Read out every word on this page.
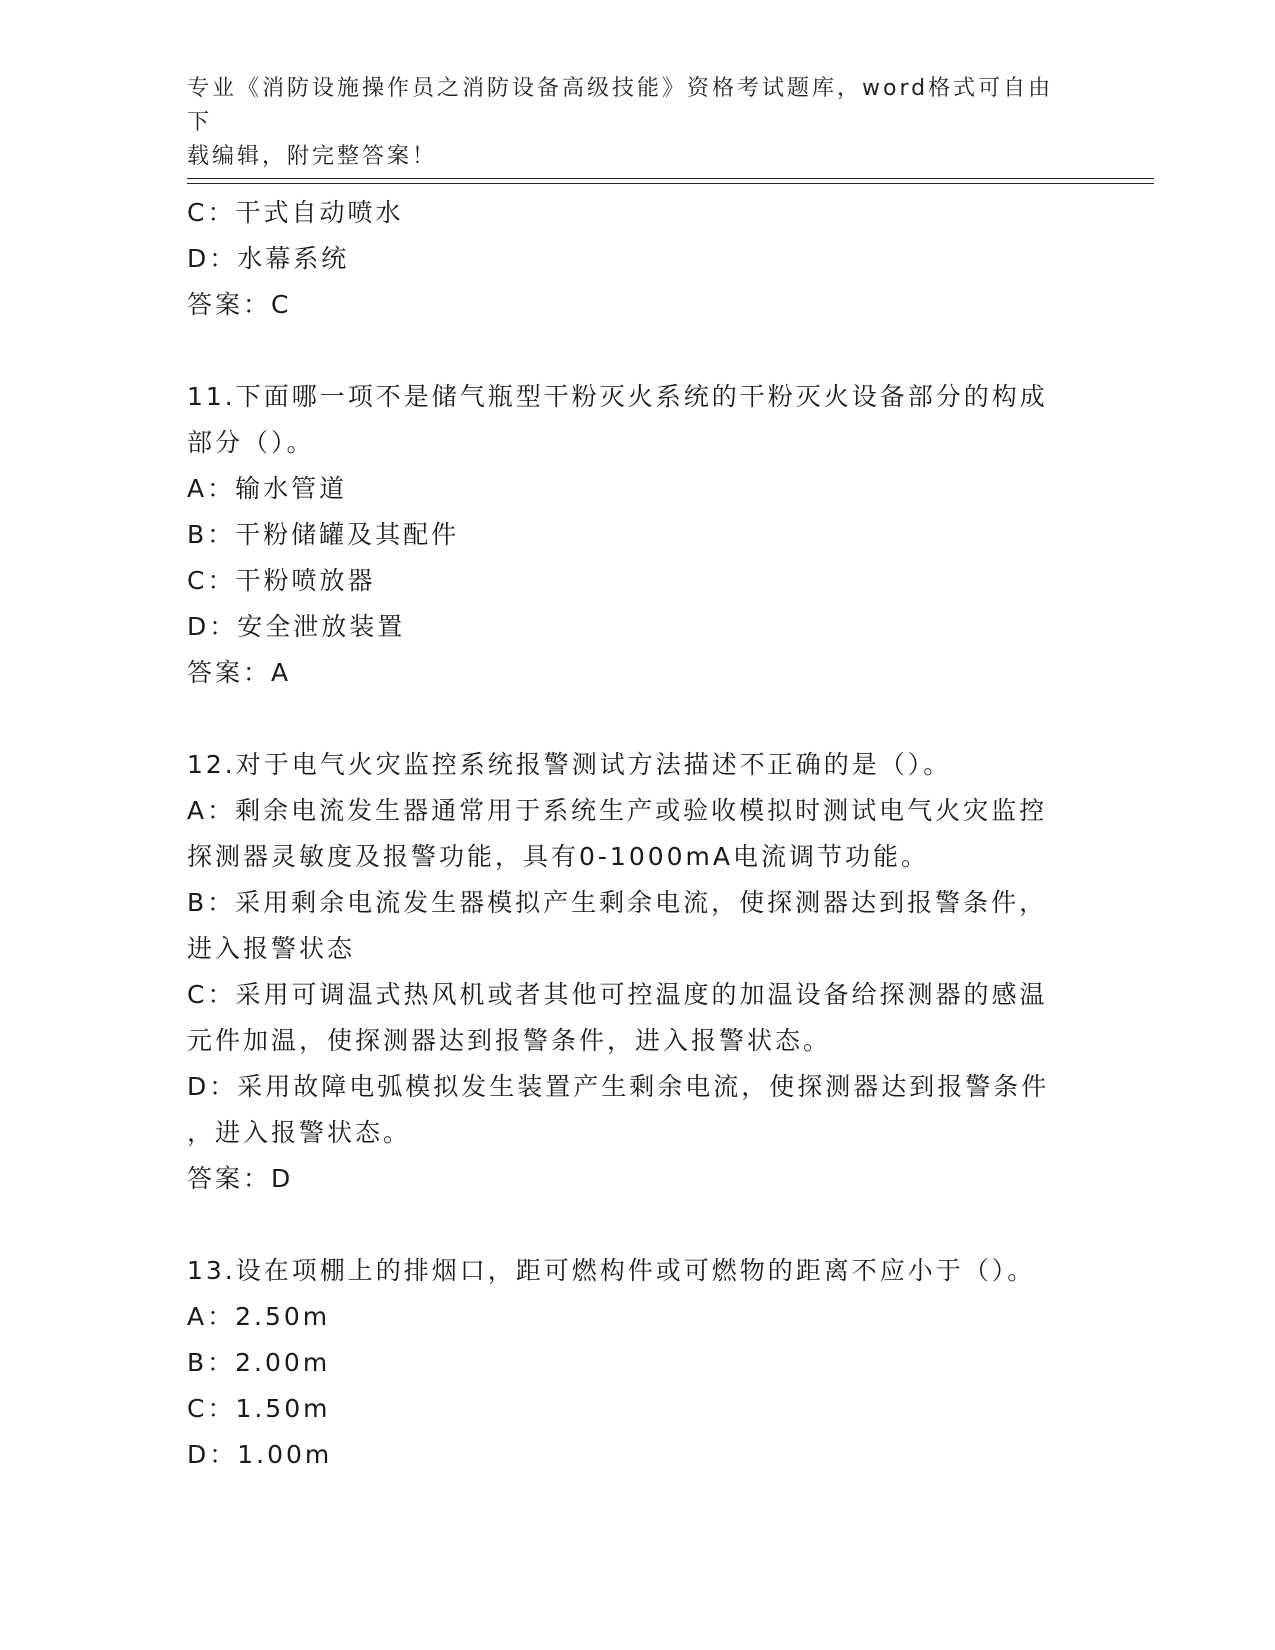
专业《消防设施操作员之消防设备高级技能》资格考试题库，word格式可自由下
载编辑，附完整答案！
C：干式自动喷水
D：水幕系统
答案：C
11.下面哪一项不是储气瓶型干粉灭火系统的干粉灭火设备部分的构成
部分（）。
A：输水管道
B：干粉储罐及其配件
C：干粉喷放器
D：安全泄放装置
答案：A
12.对于电气火灾监控系统报警测试方法描述不正确的是（）。
A：剩余电流发生器通常用于系统生产或验收模拟时测试电气火灾监控
探测器灵敏度及报警功能，具有0-1000mA电流调节功能。
B：采用剩余电流发生器模拟产生剩余电流，使探测器达到报警条件，
进入报警状态
C：采用可调温式热风机或者其他可控温度的加温设备给探测器的感温
元件加温，使探测器达到报警条件，进入报警状态。
D：采用故障电弧模拟发生装置产生剩余电流，使探测器达到报警条件
，进入报警状态。
答案：D
13.设在项棚上的排烟口，距可燃构件或可燃物的距离不应小于（）。
A：2.50m
B：2.00m
C：1.50m
D：1.00m
